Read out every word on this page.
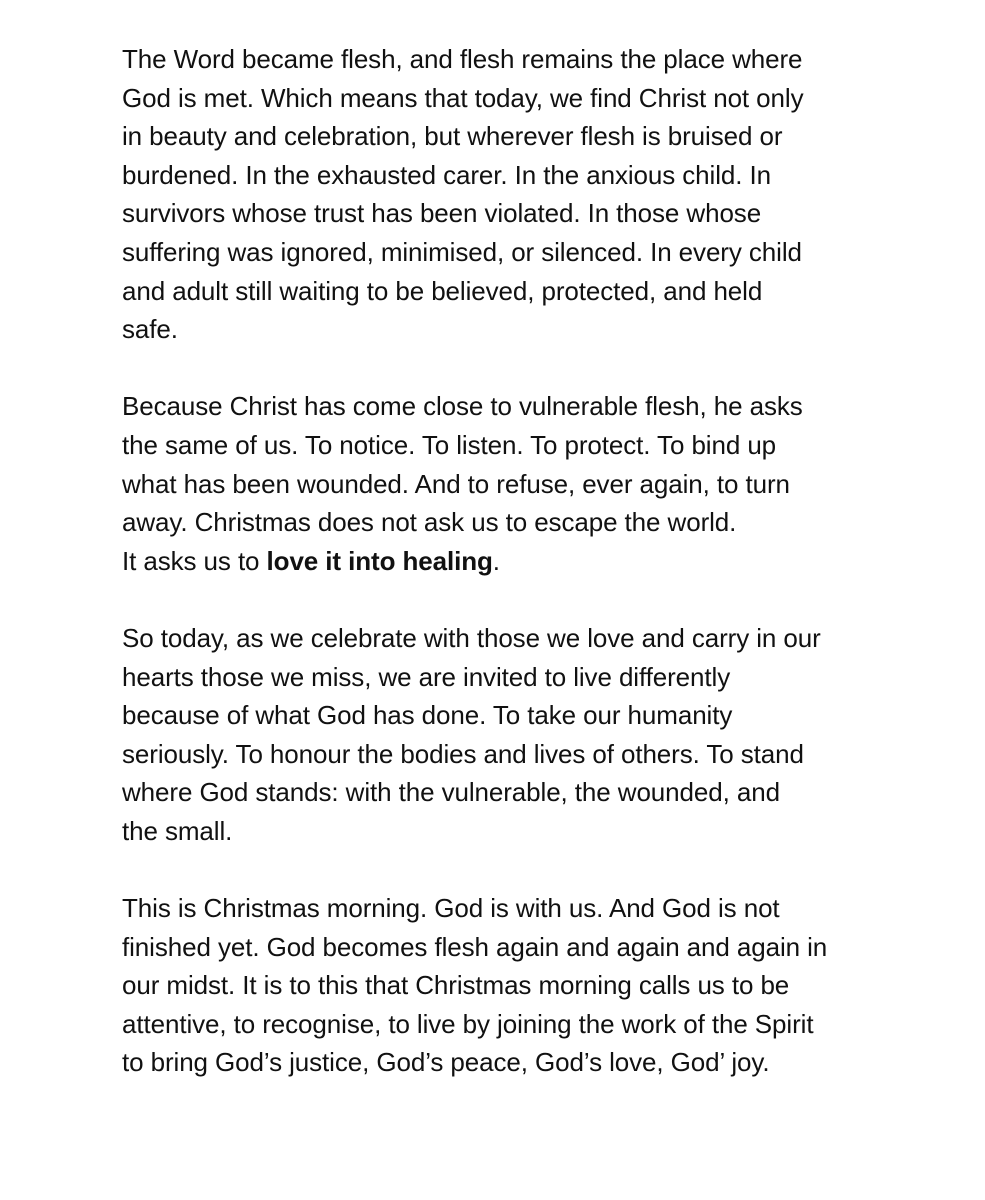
The Word became flesh, and flesh remains the place where
God is met. Which means that today, we find Christ not only
in beauty and celebration, but wherever flesh is bruised or
burdened. In the exhausted carer. In the anxious child. In
survivors whose trust has been violated. In those whose
suffering was ignored, minimised, or silenced. In every child
and adult still waiting to be believed, protected, and held
safe.

Because Christ has come close to vulnerable flesh, he asks
the same of us. To notice. To listen. To protect. To bind up
what has been wounded. And to refuse, ever again, to turn
away. Christmas does not ask us to escape the world.
It asks us to love it into healing.

So today, as we celebrate with those we love and carry in our
hearts those we miss, we are invited to live differently
because of what God has done. To take our humanity
seriously. To honour the bodies and lives of others. To stand
where God stands: with the vulnerable, the wounded, and
the small.

This is Christmas morning. God is with us. And God is not
finished yet. God becomes flesh again and again and again in
our midst. It is to this that Christmas morning calls us to be
attentive, to recognise, to live by joining the work of the Spirit
to bring God’s justice, God’s peace, God’s love, God’ joy.
